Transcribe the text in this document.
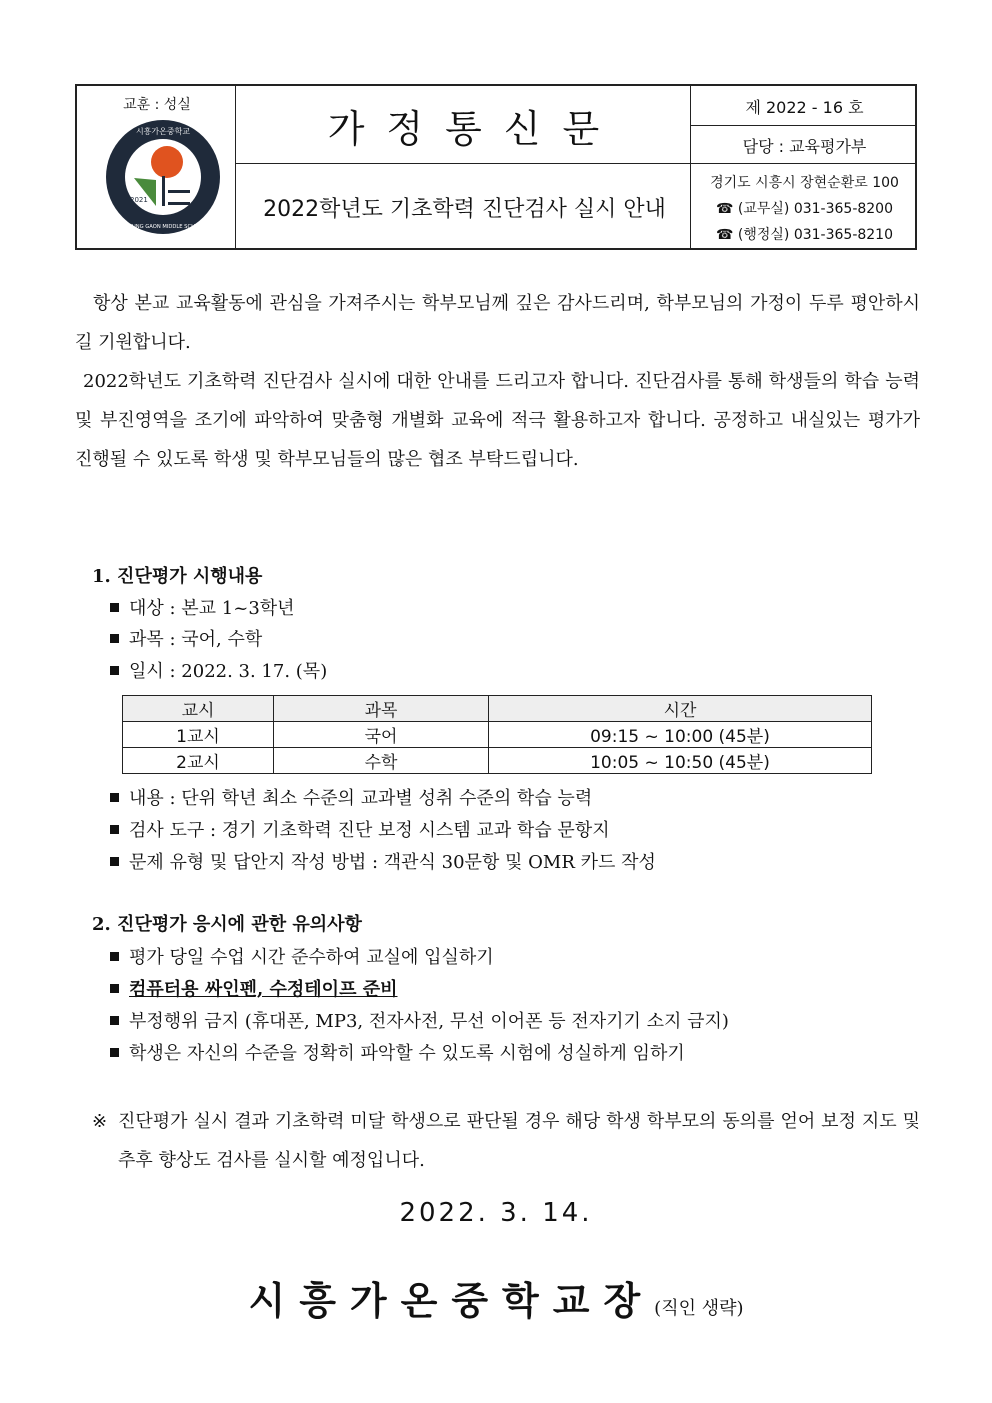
교훈 : 성실
2021
시흥가온중학교
SIHEUNG GAON MIDDLE SCHOOL
가정통신문
2022학년도 기초학력 진단검사 실시 안내
제 2022 - 16 호
담당 : 교육평가부
경기도 시흥시 장현순환로 100
☎ (교무실) 031-365-8200
☎ (행정실) 031-365-8210
항상 본교 교육활동에 관심을 가져주시는 학부모님께 깊은 감사드리며, 학부모님의 가정이 두루 평안하시길 기원합니다.
2022학년도 기초학력 진단검사 실시에 대한 안내를 드리고자 합니다. 진단검사를 통해 학생들의 학습 능력 및 부진영역을 조기에 파악하여 맞춤형 개별화 교육에 적극 활용하고자 합니다. 공정하고 내실있는 평가가 진행될 수 있도록 학생 및 학부모님들의 많은 협조 부탁드립니다.
1. 진단평가 시행내용
대상 : 본교 1~3학년
과목 : 국어, 수학
일시 : 2022. 3. 17. (목)
교시	과목	시간
1교시	국어	09:15 ~ 10:00 (45분)
2교시	수학	10:05 ~ 10:50 (45분)
내용 : 단위 학년 최소 수준의 교과별 성취 수준의 학습 능력
검사 도구 : 경기 기초학력 진단 보정 시스템 교과 학습 문항지
문제 유형 및 답안지 작성 방법 : 객관식 30문항 및 OMR 카드 작성
2. 진단평가 응시에 관한 유의사항
평가 당일 수업 시간 준수하여 교실에 입실하기
컴퓨터용 싸인펜, 수정테이프 준비
부정행위 금지 (휴대폰, MP3, 전자사전, 무선 이어폰 등 전자기기 소지 금지)
학생은 자신의 수준을 정확히 파악할 수 있도록 시험에 성실하게 임하기
※ 진단평가 실시 결과 기초학력 미달 학생으로 판단될 경우 해당 학생 학부모의 동의를 얻어 보정 지도 및 추후 향상도 검사를 실시할 예정입니다.
2022. 3. 14.
시흥가온중학교장(직인 생략)
